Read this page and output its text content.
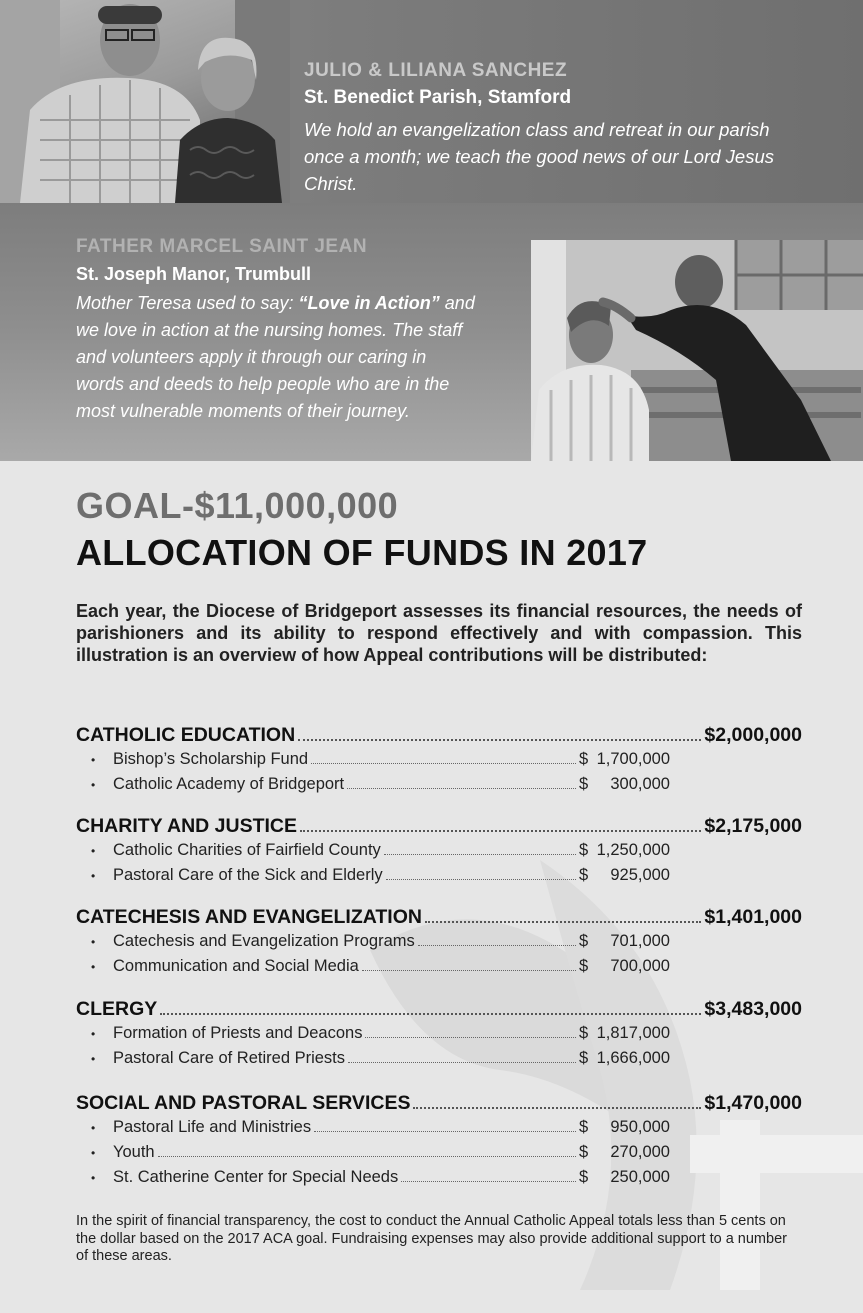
JULIO & LILIANA SANCHEZ
St. Benedict Parish, Stamford
We hold an evangelization class and retreat in our parish
once a month; we teach the good news of our Lord Jesus
Christ.
FATHER MARCEL SAINT JEAN
St. Joseph Manor, Trumbull
Mother Teresa used to say: “Love in Action” and
we love in action at the nursing homes. The staff
and volunteers apply it through our caring in
words and deeds to help people who are in the
most vulnerable moments of their journey.
GOAL-$11,000,000
ALLOCATION OF FUNDS IN 2017
Each year, the Diocese of Bridgeport assesses its financial resources, the needs of parishioners and its ability to respond effectively and with compassion. This illustration is an overview of how Appeal contributions will be distributed:
CATHOLIC EDUCATION	$2,000,000
•	Bishop’s Scholarship Fund	$ 1,700,000
•	Catholic Academy of Bridgeport	$ 300,000
CHARITY AND JUSTICE	$2,175,000
•	Catholic Charities of Fairfield County	$ 1,250,000
•	Pastoral Care of the Sick and Elderly	$ 925,000
CATECHESIS AND EVANGELIZATION	$1,401,000
•	Catechesis and Evangelization Programs	$ 701,000
•	Communication and Social Media	$ 700,000
CLERGY	$3,483,000
•	Formation of Priests and Deacons	$ 1,817,000
•	Pastoral Care of Retired Priests	$ 1,666,000
SOCIAL AND PASTORAL SERVICES	$1,470,000
•	Pastoral Life and Ministries	$ 950,000
•	Youth	$ 270,000
•	St. Catherine Center for Special Needs	$ 250,000
In the spirit of financial transparency, the cost to conduct the Annual Catholic Appeal totals less than 5 cents on the dollar based on the 2017 ACA goal. Fundraising expenses may also provide additional support to a number of these areas.
